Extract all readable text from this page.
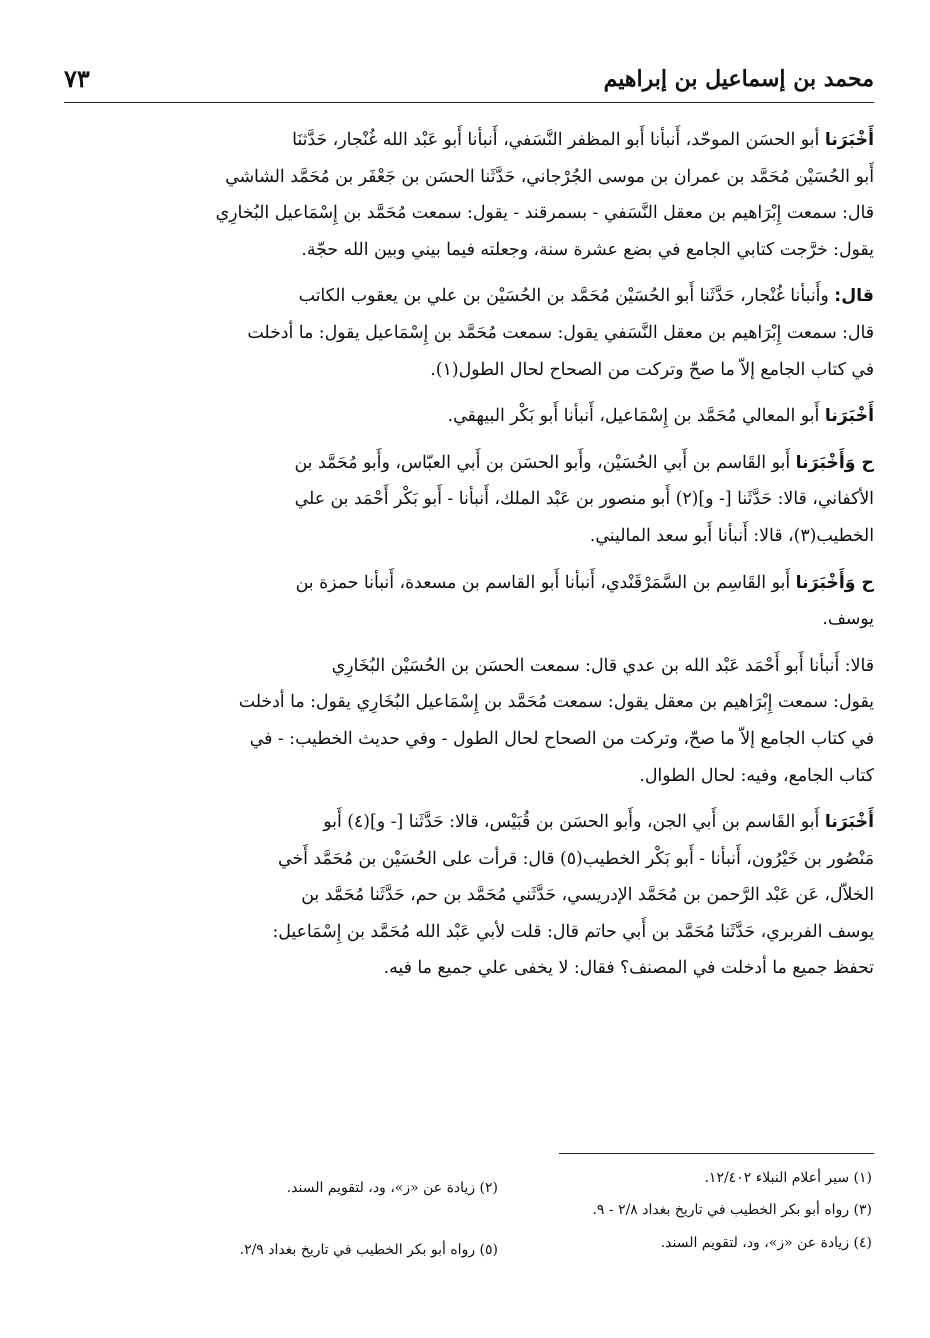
محمد بن إسماعيل بن إبراهيم
٧٣
أَخْبَرَنا أبو الحسَن الموحّد، أَنبأنا أَبو المظفر النَّسَفي، أَنبأنا أَبو عَبْد الله غُنْجار، حَدَّثنَا
أَبو الحُسَيْن مُحَمَّد بن عمران بن موسى الجُرْجاني، حَدَّثَنا الحسَن بن جَعْفَر بن مُحَمَّد الشاشي
قال: سمعت إِبْرَاهيم بن معقل النَّسَفي - بسمرقند - يقول: سمعت مُحَمَّد بن إِسْمَاعيل البُخارِي
يقول: خرَّجت كتابي الجامع في بضع عشرة سنة، وجعلته فيما بيني وبين الله حجّة.
قال: وأَنبأنا غُنْجار، حَدَّثَنا أَبو الحُسَيْن مُحَمَّد بن الحُسَيْن بن علي بن يعقوب الكاتب
قال: سمعت إِبْرَاهيم بن معقل النَّسَفي يقول: سمعت مُحَمَّد بن إِسْمَاعيل يقول: ما أدخلت
في كتاب الجامع إلاّ ما صحّ وتركت من الصحاح لحال الطول(١).
أَخْبَرَنا أَبو المعالي مُحَمَّد بن إِسْمَاعيل، أَنبأنا أَبو بَكْر البيهقي.
ح وَأَخْبَرَنا أَبو القَاسم بن أَبي الحُسَيْن، وأَبو الحسَن بن أَبي العبّاس، وأَبو مُحَمَّد بن
الأكفاني، قالا: حَدَّثَنا [- و](٢) أَبو منصور بن عَبْد الملك، أَنبأنا - أَبو بَكْر أَحْمَد بن علي
الخطيب(٣)، قالا: أَنبأنا أَبو سعد الماليني.
ح وَأَخْبَرَنا أَبو القَاسِم بن السَّمَرْقَنْدي، أَنبأنا أَبو القاسم بن مسعدة، أَنبأنا حمزة بن
يوسف.
قالا: أَنبأنا أَبو أَحْمَد عَبْد الله بن عدي قال: سمعت الحسَن بن الحُسَيْن البُخَارِي
يقول: سمعت إِبْرَاهيم بن معقل يقول: سمعت مُحَمَّد بن إِسْمَاعيل البُخَارِي يقول: ما أدخلت
في كتاب الجامع إلاّ ما صحّ، وتركت من الصحاح لحال الطول - وفي حديث الخطيب: - في
كتاب الجامع، وفيه: لحال الطوال.
أَخْبَرَنا أَبو القَاسم بن أَبي الجن، وأَبو الحسَن بن قُبَيْس، قالا: حَدَّثَنا [- و](٤) أَبو
مَنْصُور بن خَيْرُون، أَنبأنا - أَبو بَكْر الخطيب(٥) قال: قرأت على الحُسَيْن بن مُحَمَّد أَخي
الخلاّل، عَن عَبْد الرَّحمن بن مُحَمَّد الإدريسي، حَدَّثَني مُحَمَّد بن حم، حَدَّثَنا مُحَمَّد بن
يوسف الفربري، حَدَّثَنا مُحَمَّد بن أَبي حاتم قال: قلت لأبي عَبْد الله مُحَمَّد بن إِسْمَاعيل:
تحفظ جميع ما أدخلت في المصنف؟ فقال: لا يخفى علي جميع ما فيه.
(١) سير أعلام النبلاء ١٢/٤٠٢.
(٢) زيادة عن «ز»، ود، لتقويم السند.
(٣) رواه أبو بكر الخطيب في تاريخ بغداد ٢/٨ - ٩.
(٤) زيادة عن «ز»، ود، لتقويم السند.
(٥) رواه أبو بكر الخطيب في تاريخ بغداد ٢/٩.
